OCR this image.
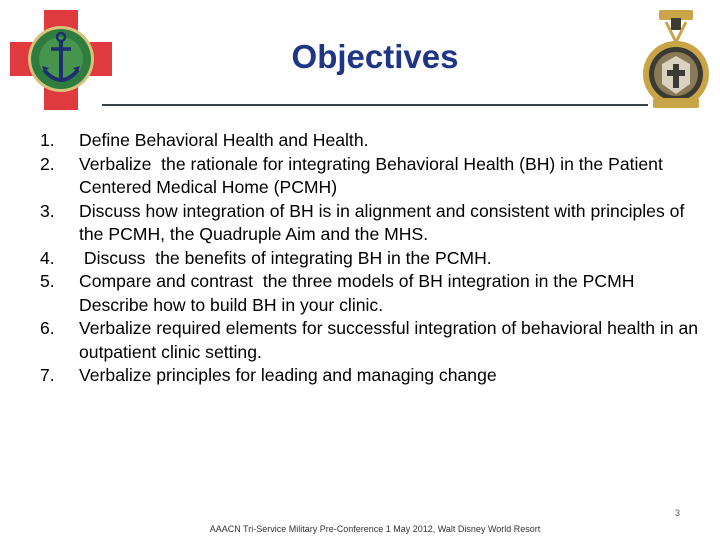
Objectives
1.	Define Behavioral Health and Health.
2.	Verbalize  the rationale for integrating Behavioral Health (BH) in the Patient Centered Medical Home (PCMH)
3.	Discuss how integration of BH is in alignment and consistent with principles of the PCMH, the Quadruple Aim and the MHS.
4.	Discuss  the benefits of integrating BH in the PCMH.
5.	Compare and contrast  the three models of BH integration in the PCMH Describe how to build BH in your clinic.
6.	Verbalize required elements for successful integration of behavioral health in an outpatient clinic setting.
7.	Verbalize principles for leading and managing change
3
AAACN Tri-Service Military Pre-Conference 1 May 2012, Walt Disney World Resort
